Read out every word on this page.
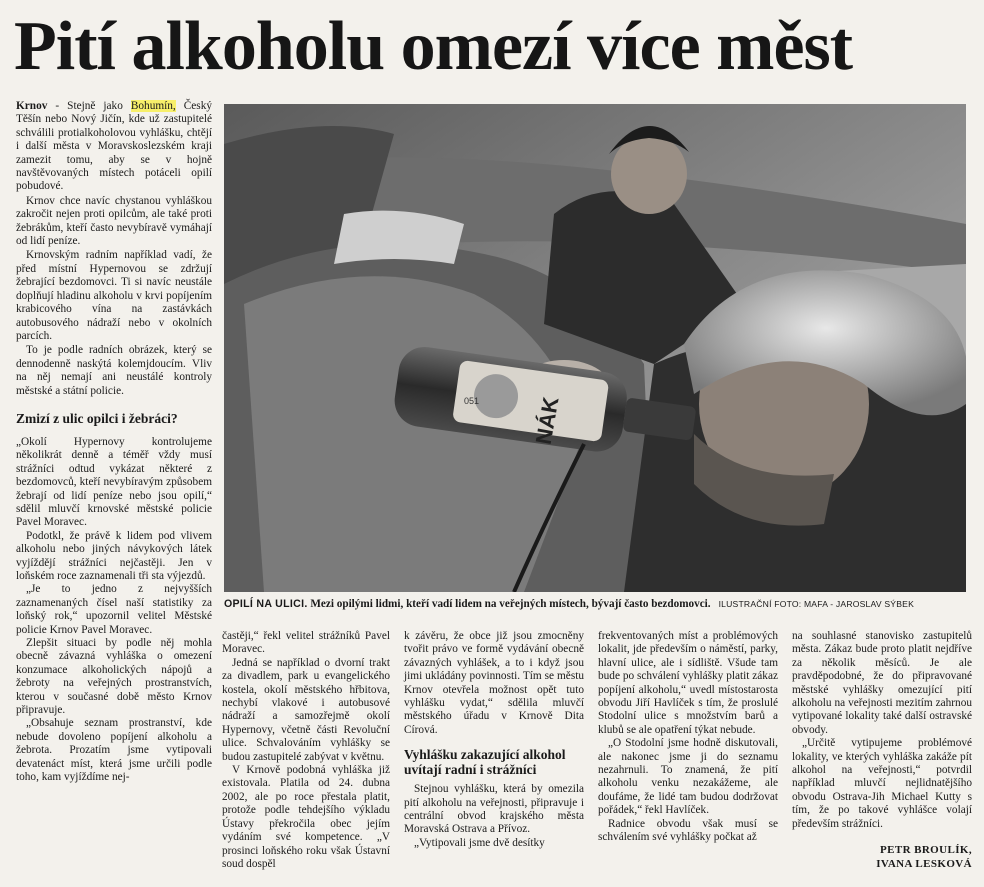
Pití alkoholu omezí více měst

Krnov - Stejně jako Bohumín, Český Těšín nebo Nový Jičín, kde už zastupitelé schválili protialkoholovou vyhlášku, chtějí i další města v Moravskoslezském kraji zamezit tomu, aby se v hojně navštěvovaných místech potáceli opilí pobudové.

Krnov chce navíc chystanou vyhláškou zakročit nejen proti opilcům, ale také proti žebrákům, kteří často nevybíravě vymáhají od lidí peníze.

Krnovským radním například vadí, že před místní Hypernovou se zdržují žebrající bezdomovci. Ti si navíc neustále doplňují hladinu alkoholu v krvi popíjením krabicového vína na zastávkách autobusového nádraží nebo v okolních parcích.

To je podle radních obrázek, který se dennodenně naskýtá kolemjdoucím. Vliv na něj nemají ani neustálé kontroly městské a státní policie.

Zmizí z ulic opilci i žebráci?

„Okolí Hypernovy kontrolujeme několikrát denně a téměř vždy musí strážníci odtud vykázat některé z bezdomovců, kteří nevybíravým způsobem žebrají od lidí peníze nebo jsou opilí,“ sdělil mluvčí krnovské městské policie Pavel Moravec.

Podotkl, že právě k lidem pod vlivem alkoholu nebo jiných návykových látek vyjíždějí strážníci nejčastěji. Jen v loňském roce zaznamenali tři sta výjezdů.

„Je to jedno z nejvyšších zaznamenaných čísel naší statistiky za loňský rok,“ upozornil velitel Městské policie Krnov Pavel Moravec.

Zlepšit situaci by podle něj mohla obecně závazná vyhláška o omezení konzumace alkoholických nápojů a žebroty na veřejných prostranstvích, kterou v současné době město Krnov připravuje.

„Obsahuje seznam prostranství, kde nebude dovoleno popíjení alkoholu a žebrota. Prozatím jsme vytipovali devatenáct míst, která jsme určili podle toho, kam vyjíždíme nej-

NÁK
051
OPILÍ NA ULICI. Mezi opilými lidmi, kteří vadí lidem na veřejných místech, bývají často bezdomovci. ILUSTRAČNÍ FOTO: MAFA - JAROSLAV SÝBEK

častěji,“ řekl velitel strážníků Pavel Moravec.

Jedná se například o dvorní trakt za divadlem, park u evangelického kostela, okolí městského hřbitova, nechybí vlakové i autobusové nádraží a samozřejmě okolí Hypernovy, včetně části Revoluční ulice. Schvalováním vyhlášky se budou zastupitelé zabývat v květnu.

V Krnově podobná vyhláška již existovala. Platila od 24. dubna 2002, ale po roce přestala platit, protože podle tehdejšího výkladu Ústavy překročila obec jejím vydáním své kompetence. „V prosinci loňského roku však Ústavní soud dospěl

k závěru, že obce již jsou zmocněny tvořit právo ve formě vydávání obecně závazných vyhlášek, a to i když jsou jimi ukládány povinnosti. Tím se městu Krnov otevřela možnost opět tuto vyhlášku vydat,“ sdělila mluvčí městského úřadu v Krnově Dita Círová.

Vyhlášku zakazující alkohol uvítají radní i strážníci

Stejnou vyhlášku, která by omezila pití alkoholu na veřejnosti, připravuje i centrální obvod krajského města Moravská Ostrava a Přívoz.

„Vytipovali jsme dvě desítky

frekventovaných míst a problémových lokalit, jde především o náměstí, parky, hlavní ulice, ale i sídliště. Všude tam bude po schválení vyhlášky platit zákaz popíjení alkoholu,“ uvedl místostarosta obvodu Jiří Havlíček s tím, že proslulé Stodolní ulice s množstvím barů a klubů se ale opatření týkat nebude.

„O Stodolní jsme hodně diskutovali, ale nakonec jsme ji do seznamu nezahrnuli. To znamená, že pití alkoholu venku nezakážeme, ale doufáme, že lidé tam budou dodržovat pořádek,“ řekl Havlíček.

Radnice obvodu však musí se schválením své vyhlášky počkat až

na souhlasné stanovisko zastupitelů města. Zákaz bude proto platit nejdříve za několik měsíců. Je ale pravděpodobné, že do připravované městské vyhlášky omezující pití alkoholu na veřejnosti mezitím zahrnou vytipované lokality také další ostravské obvody.

„Určitě vytipujeme problémové lokality, ve kterých vyhláška zakáže pít alkohol na veřejnosti,“ potvrdil například mluvčí nejlidnatějšího obvodu Ostrava-Jih Michael Kutty s tím, že po takové vyhlášce volají především strážníci.

PETR BROULÍK,
IVANA LESKOVÁ
